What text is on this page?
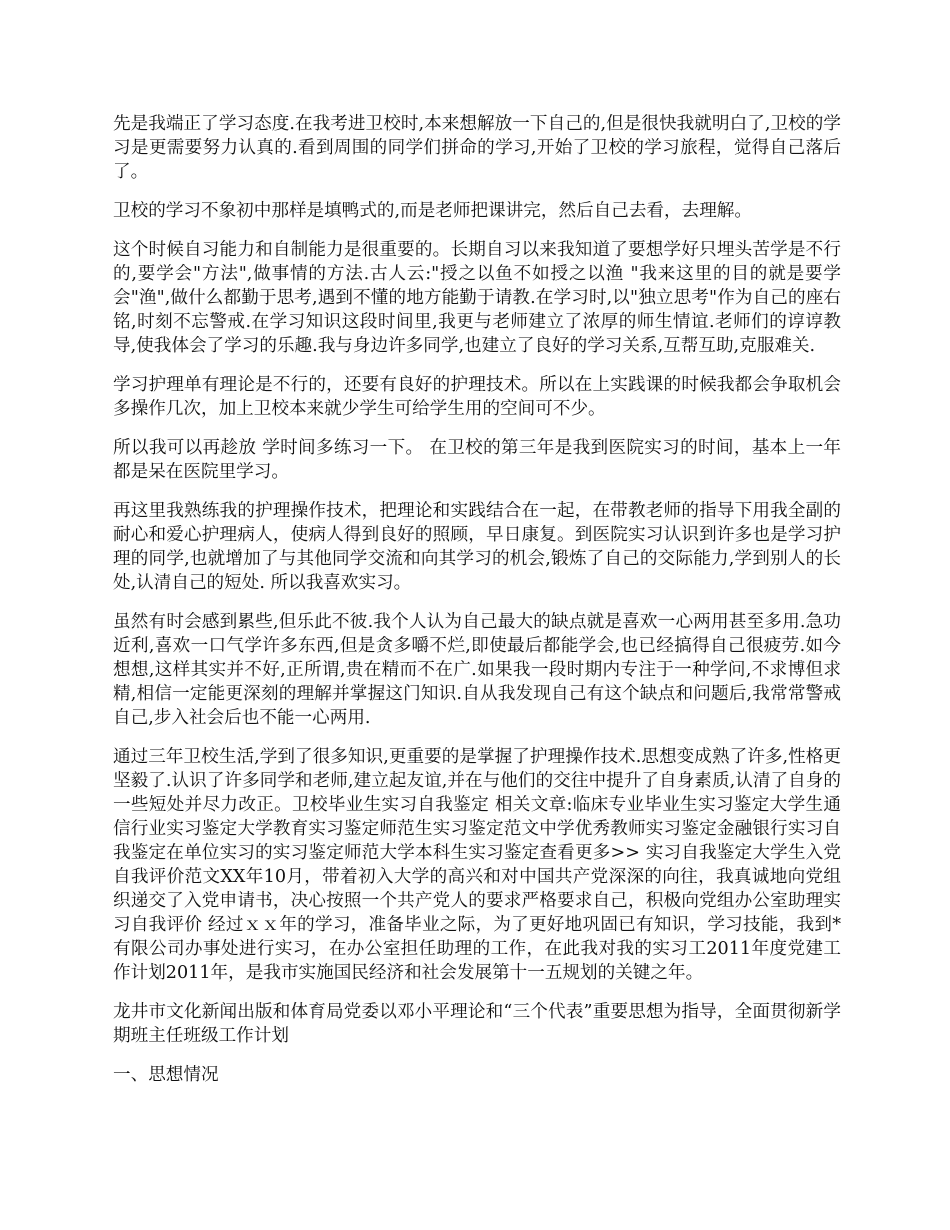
先是我端正了学习态度.在我考进卫校时,本来想解放一下自己的,但是很快我就明白了,卫校的学习是更需要努力认真的.看到周围的同学们拼命的学习,开始了卫校的学习旅程，觉得自己落后了。

卫校的学习不象初中那样是填鸭式的,而是老师把课讲完，然后自己去看，去理解。

这个时候自习能力和自制能力是很重要的。长期自习以来我知道了要想学好只埋头苦学是不行的,要学会"方法",做事情的方法.古人云:"授之以鱼不如授之以渔 "我来这里的目的就是要学会"渔",做什么都勤于思考,遇到不懂的地方能勤于请教.在学习时,以"独立思考"作为自己的座右铭,时刻不忘警戒.在学习知识这段时间里,我更与老师建立了浓厚的师生情谊.老师们的谆谆教导,使我体会了学习的乐趣.我与身边许多同学,也建立了良好的学习关系,互帮互助,克服难关.

学习护理单有理论是不行的，还要有良好的护理技术。所以在上实践课的时候我都会争取机会多操作几次，加上卫校本来就少学生可给学生用的空间可不少。

所以我可以再趁放 学时间多练习一下。 在卫校的第三年是我到医院实习的时间，基本上一年都是呆在医院里学习。

再这里我熟练我的护理操作技术，把理论和实践结合在一起，在带教老师的指导下用我全副的耐心和爱心护理病人，使病人得到良好的照顾，早日康复。到医院实习认识到许多也是学习护理的同学,也就增加了与其他同学交流和向其学习的机会,锻炼了自己的交际能力,学到别人的长处,认清自己的短处. 所以我喜欢实习。

虽然有时会感到累些,但乐此不彼.我个人认为自己最大的缺点就是喜欢一心两用甚至多用.急功近利,喜欢一口气学许多东西,但是贪多嚼不烂,即使最后都能学会,也已经搞得自己很疲劳.如今想想,这样其实并不好,正所谓,贵在精而不在广.如果我一段时期内专注于一种学问,不求博但求精,相信一定能更深刻的理解并掌握这门知识.自从我发现自己有这个缺点和问题后,我常常警戒自己,步入社会后也不能一心两用.

通过三年卫校生活,学到了很多知识,更重要的是掌握了护理操作技术.思想变成熟了许多,性格更坚毅了.认识了许多同学和老师,建立起友谊,并在与他们的交往中提升了自身素质,认清了自身的一些短处并尽力改正。卫校毕业生实习自我鉴定 相关文章:临床专业毕业生实习鉴定大学生通信行业实习鉴定大学教育实习鉴定师范生实习鉴定范文中学优秀教师实习鉴定金融银行实习自我鉴定在单位实习的实习鉴定师范大学本科生实习鉴定查看更多>> 实习自我鉴定大学生入党自我评价范文XX年10月，带着初入大学的高兴和对中国共产党深深的向往，我真诚地向党组织递交了入党申请书，决心按照一个共产党人的要求严格要求自己，积极向党组办公室助理实习自我评价 经过ｘｘ年的学习，准备毕业之际，为了更好地巩固已有知识，学习技能，我到*有限公司办事处进行实习，在办公室担任助理的工作，在此我对我的实习工2011年度党建工作计划2011年，是我市实施国民经济和社会发展第十一五规划的关键之年。

龙井市文化新闻出版和体育局党委以邓小平理论和“三个代表”重要思想为指导，全面贯彻新学期班主任班级工作计划

一、思想情况
